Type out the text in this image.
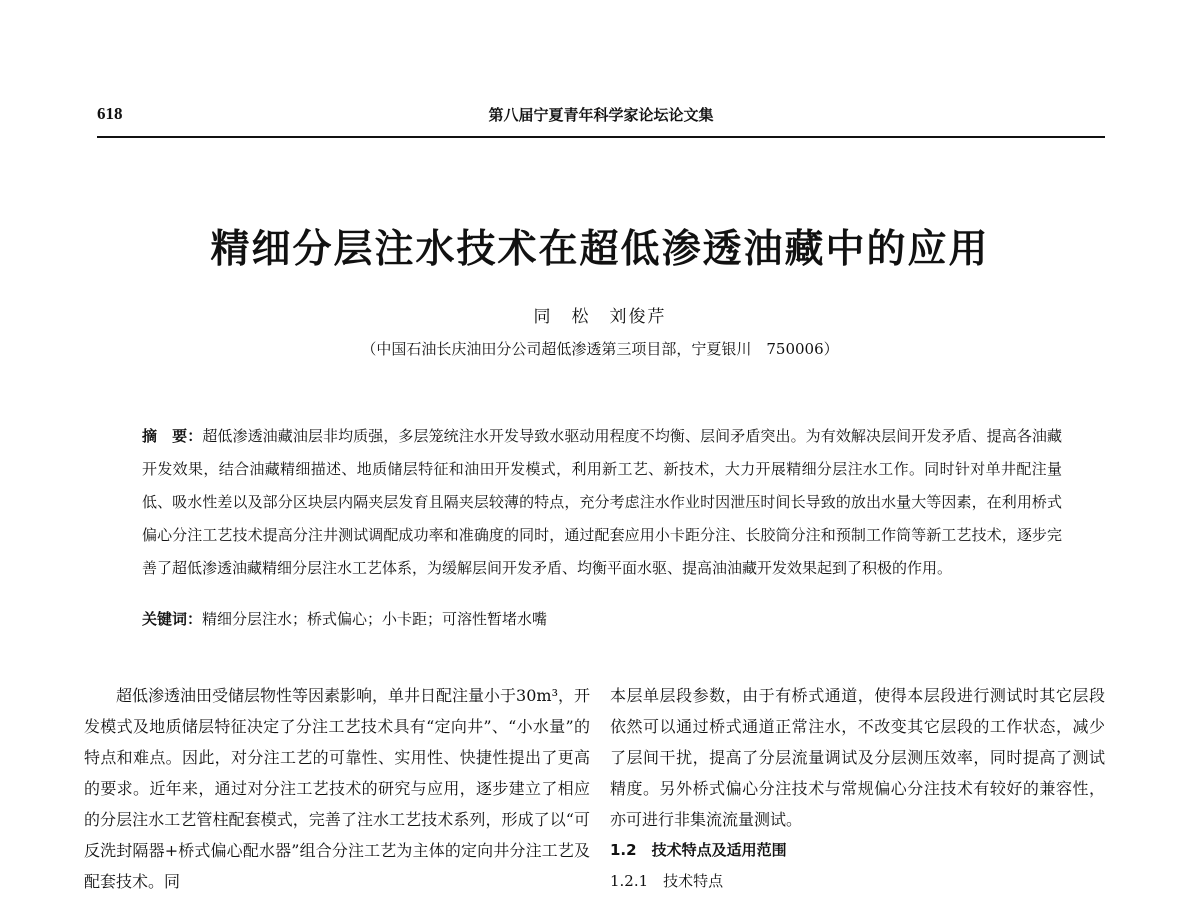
618	第八届宁夏青年科学家论坛论文集
精细分层注水技术在超低渗透油藏中的应用
同　松　刘俊芹
（中国石油长庆油田分公司超低渗透第三项目部，宁夏银川　750006）
摘　要：超低渗透油藏油层非均质强，多层笼统注水开发导致水驱动用程度不均衡、层间矛盾突出。为有效解决层间开发矛盾、提高各油藏开发效果，结合油藏精细描述、地质储层特征和油田开发模式，利用新工艺、新技术，大力开展精细分层注水工作。同时针对单井配注量低、吸水性差以及部分区块层内隔夹层发育且隔夹层较薄的特点，充分考虑注水作业时因泄压时间长导致的放出水量大等因素，在利用桥式偏心分注工艺技术提高分注井测试调配成功率和准确度的同时，通过配套应用小卡距分注、长胶筒分注和预制工作筒等新工艺技术，逐步完善了超低渗透油藏精细分层注水工艺体系，为缓解层间开发矛盾、均衡平面水驱、提高油油藏开发效果起到了积极的作用。
关键词：精细分层注水；桥式偏心；小卡距；可溶性暂堵水嘴

超低渗透油田受储层物性等因素影响，单井日配注量小于30m³，开发模式及地质储层特征决定了分注工艺技术具有“定向井”、“小水量”的特点和难点。因此，对分注工艺的可靠性、实用性、快捷性提出了更高的要求。近年来，通过对分注工艺技术的研究与应用，逐步建立了相应的分层注水工艺管柱配套模式，完善了注水工艺技术系列，形成了以“可反洗封隔器+桥式偏心配水器”组合分注工艺为主体的定向井分注工艺及配套技术。同

本层单层段参数，由于有桥式通道，使得本层段进行测试时其它层段依然可以通过桥式通道正常注水，不改变其它层段的工作状态，减少了层间干扰，提高了分层流量调试及分层测压效率，同时提高了测试精度。另外桥式偏心分注技术与常规偏心分注技术有较好的兼容性，亦可进行非集流流量测试。

1.2　技术特点及适用范围

1.2.1　技术特点
